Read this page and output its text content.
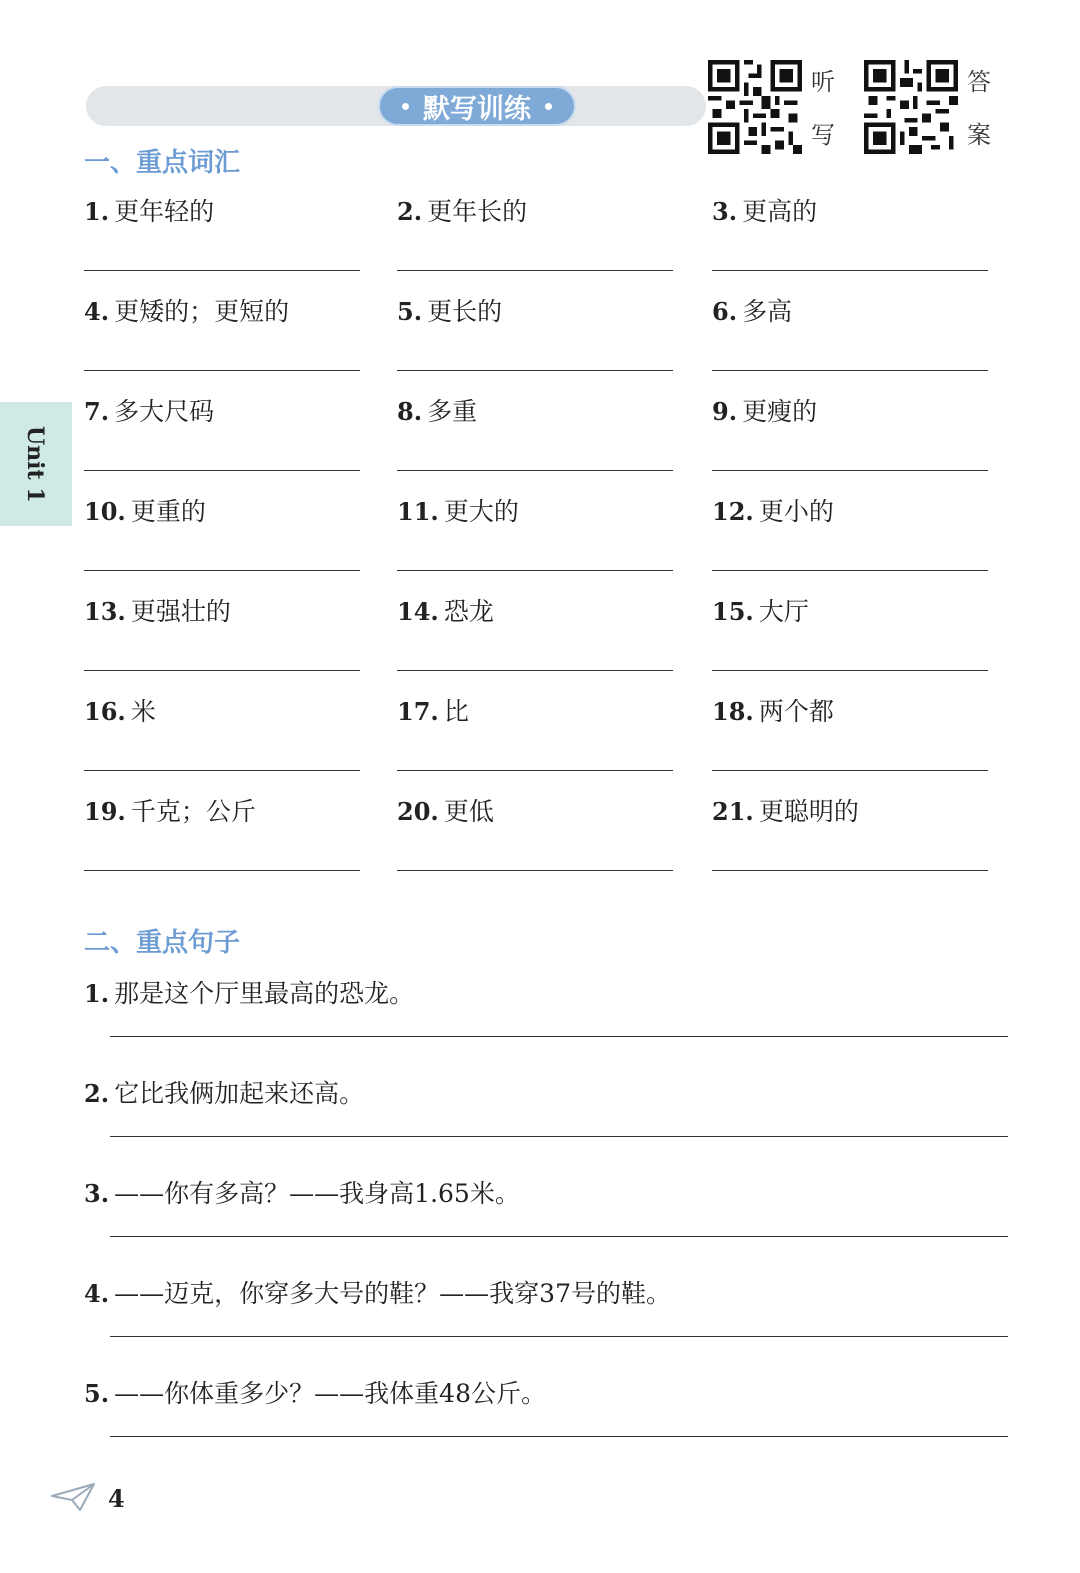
默写训练
听
写
答
案
Unit 1
一、重点词汇
1. 更年轻的	2. 更年长的	3. 更高的
4. 更矮的；更短的	5. 更长的	6. 多高
7. 多大尺码	8. 多重	9. 更瘦的
10. 更重的	11. 更大的	12. 更小的
13. 更强壮的	14. 恐龙	15. 大厅
16. 米	17. 比	18. 两个都
19. 千克；公斤	20. 更低	21. 更聪明的
二、重点句子
1. 那是这个厅里最高的恐龙。
2. 它比我俩加起来还高。
3. ——你有多高？——我身高1.65米。
4. ——迈克，你穿多大号的鞋？——我穿37号的鞋。
5. ——你体重多少？——我体重48公斤。
4
